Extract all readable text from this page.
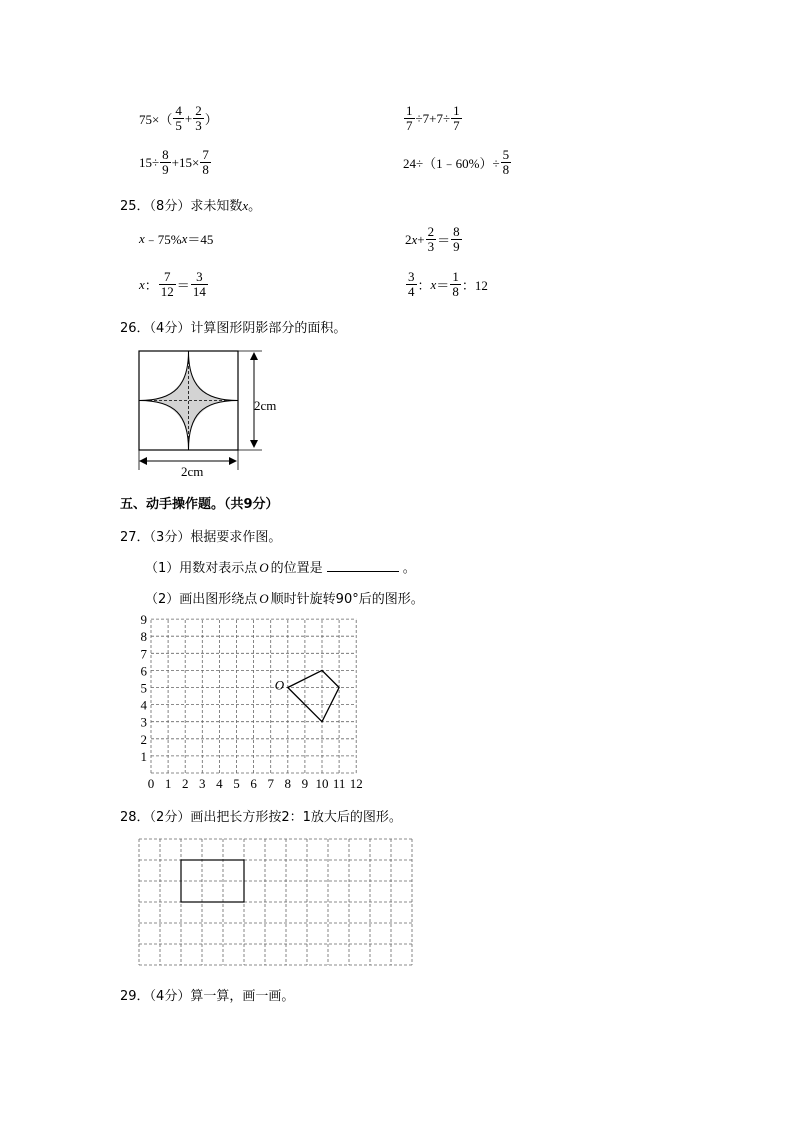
$75\times( \frac{4}{5} + \frac{2}{3}$ ）	$\frac{1}{7} \div 7+7\div \frac{1}{7}$
$15\div \frac{8}{9} +15\times \frac{7}{8}$	24÷（1﹣60%）÷ $\frac{5}{8}$
25．（8分）求未知数x。
x ﹣75% x ＝45	2 $x + \frac{2}{3} = \frac{8}{9}$
x ： $\frac{7}{12} = \frac{3}{14}$	$\frac{3}{4}$ ： $x = \frac{1}{8}$ ：12
26．（4分）计算图形阴影部分的面积。
2cm
2cm
五、动手操作题。（共9分）
27．（3分）根据要求作图。
（1）用数对表示点 O 的位置是	。
（2）画出图形绕点 O 顺时针旋转90°后的图形。
9
8
7
6
5
4
3
2
1
0 1 2 3 4 5 6 7 8 9 10 11 12
O
28．（2分）画出把长方形按2：1放大后的图形。
29．（4分）算一算，画一画。
